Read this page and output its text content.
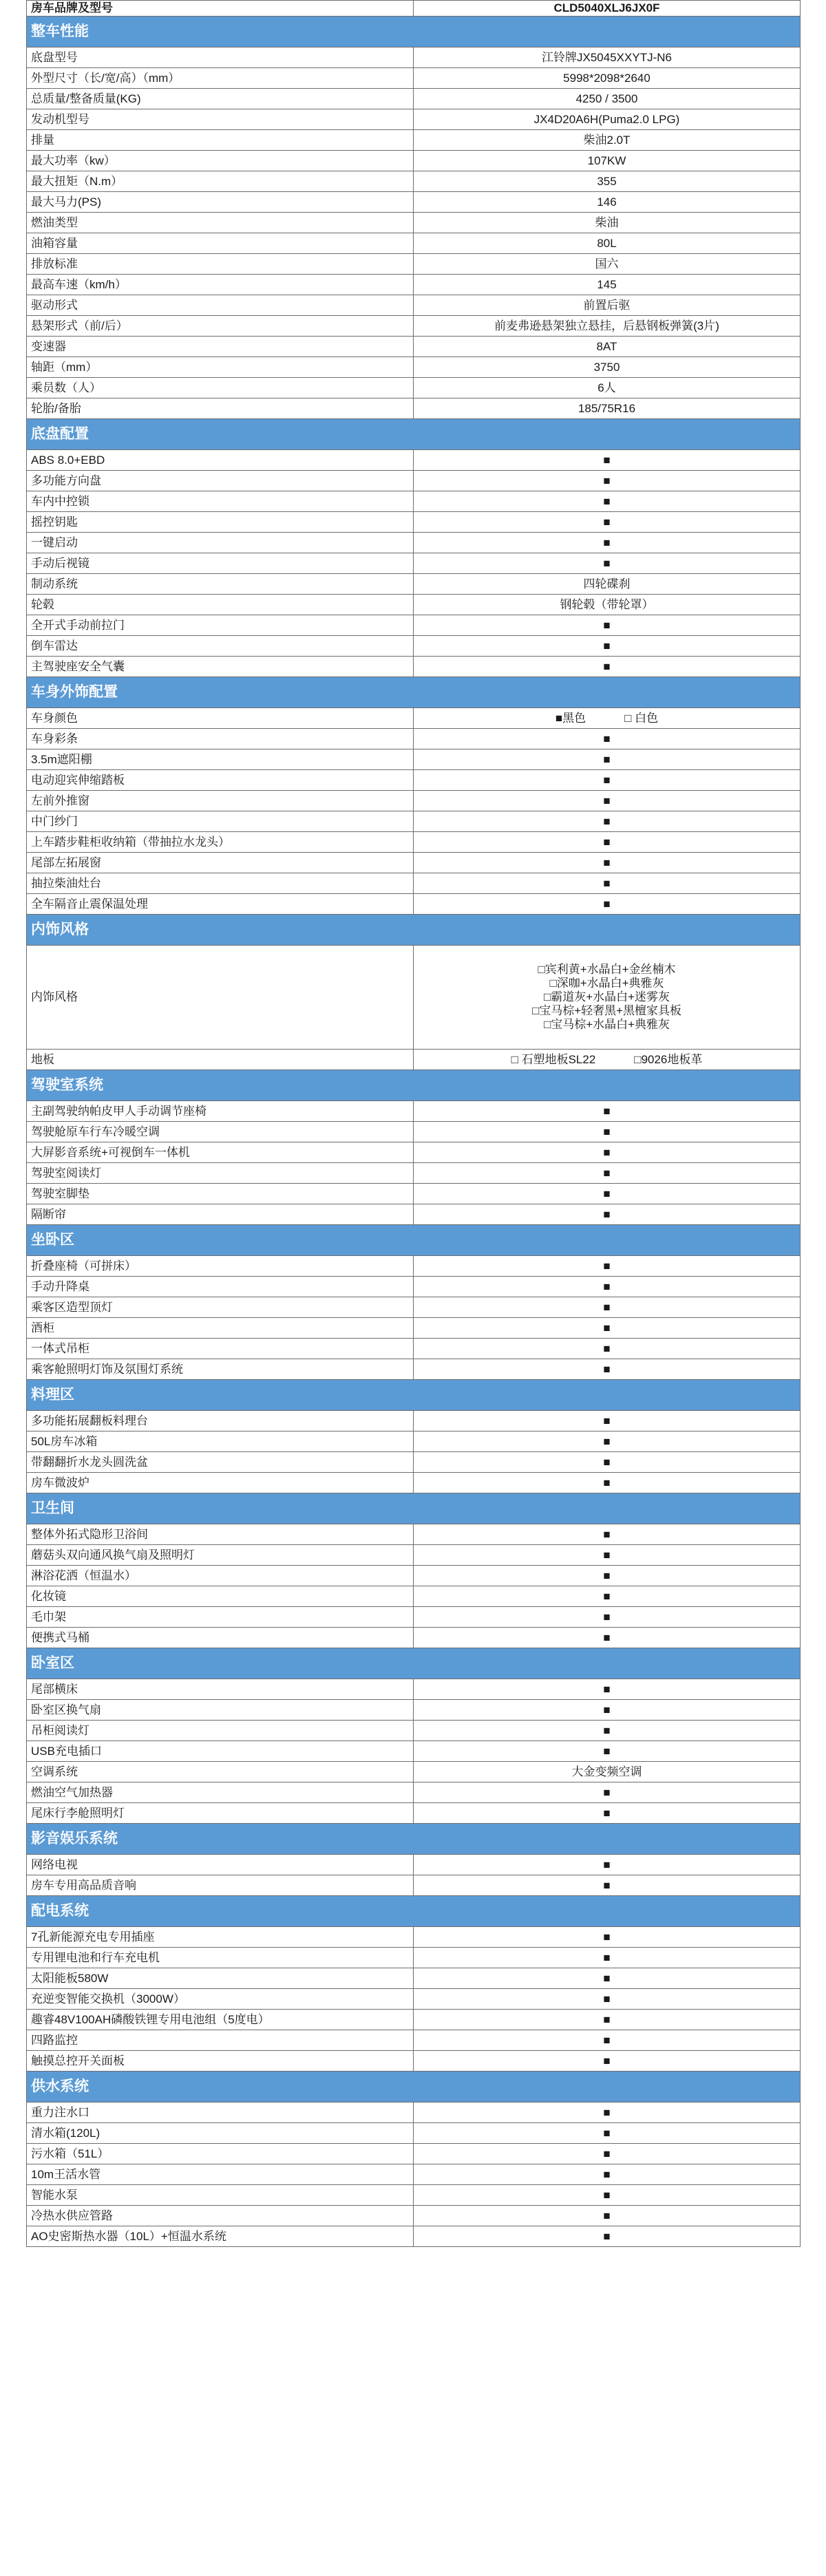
房车品牌及型号	CLD5040XLJ6JX0F
整车性能	
底盘型号	江铃牌JX5045XXYTJ-N6
外型尺寸（长/宽/高）（mm）	5998*2098*2640
总质量/整备质量(KG)	4250 / 3500
发动机型号	JX4D20A6H(Puma2.0 LPG)
排量	柴油2.0T
最大功率（kw）	107KW
最大扭矩（N.m）	355
最大马力(PS)	146
燃油类型	柴油
油箱容量	80L
排放标准	国六
最高车速（km/h）	145
驱动形式	前置后驱
悬架形式（前/后）	前麦弗逊悬架独立悬挂，后悬钢板弹簧(3片)
变速器	8AT
轴距（mm）	3750
乘员数（人）	6人
轮胎/备胎	185/75R16
底盘配置	
ABS 8.0+EBD	■
多功能方向盘	■
车内中控锁	■
摇控钥匙	■
一键启动	■
手动后视镜	■
制动系统	四轮碟刹
轮毂	钢轮毂（带轮罩）
全开式手动前拉门	■
倒车雷达	■
主驾驶座安全气囊	■
车身外饰配置	
车身颜色	■黑色 □ 白色
车身彩条	■
3.5m遮阳棚	■
电动迎宾伸缩踏板	■
左前外推窗	■
中门纱门	■
上车踏步鞋柜收纳箱（带抽拉水龙头）	■
尾部左拓展窗	■
抽拉柴油灶台	■
全车隔音止震保温处理	■
内饰风格	
内饰风格	□宾利黄+水晶白+金丝楠木
□深咖+水晶白+典雅灰
□霸道灰+水晶白+迷雾灰
□宝马棕+轻奢黑+黑檀家具板
□宝马棕+水晶白+典雅灰

地板	□ 石塑地板SL22 □9026地板革
驾驶室系统	
主副驾驶纳帕皮甲人手动调节座椅	■
驾驶舱原车行车冷暖空调	■
大屏影音系统+可视倒车一体机	■
驾驶室阅读灯	■
驾驶室脚垫	■
隔断帘	■
坐卧区	
折叠座椅（可拼床）	■
手动升降桌	■
乘客区造型顶灯	■
酒柜	■
一体式吊柜	■
乘客舱照明灯饰及氛围灯系统	■
料理区	
多功能拓展翻板料理台	■
50L房车冰箱	■
带翻翻折水龙头圆洗盆	■
房车微波炉	■
卫生间	
整体外拓式隐形卫浴间	■
蘑菇头双向通风换气扇及照明灯	■
淋浴花洒（恒温水）	■
化妆镜	■
毛巾架	■
便携式马桶	■
卧室区	
尾部横床	■
卧室区换气扇	■
吊柜阅读灯	■
USB充电插口	■
空调系统	大金变频空调
燃油空气加热器	■
尾床行李舱照明灯	■
影音娱乐系统	
网络电视	■
房车专用高品质音响	■
配电系统	
7孔新能源充电专用插座	■
专用锂电池和行车充电机	■
太阳能板580W	■
充逆变智能交换机（3000W）	■
趣睿48V100AH磷酸铁锂专用电池组（5度电）	■
四路监控	■
触摸总控开关面板	■
供水系统	
重力注水口	■
清水箱(120L)	■
污水箱（51L）	■
10m王活水管	■
智能水泵	■
冷热水供应管路	■
AO史密斯热水器（10L）+恒温水系统	■
